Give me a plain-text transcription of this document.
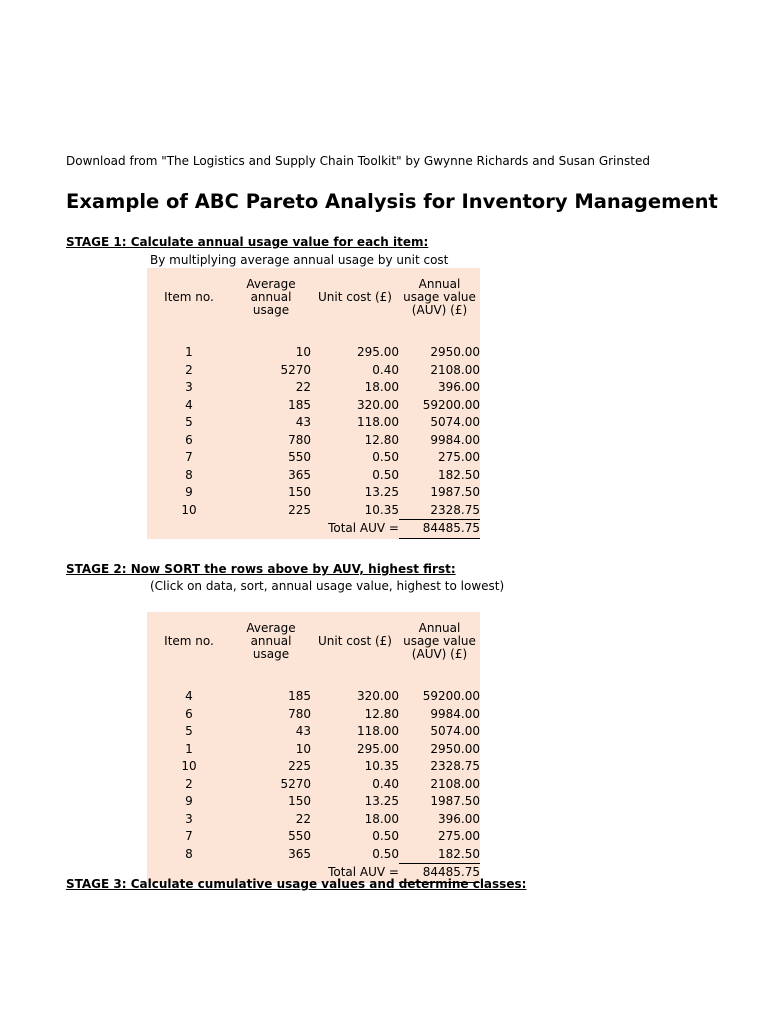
Download from "The Logistics and Supply Chain Toolkit" by Gwynne Richards and Susan Grinsted
Example of ABC Pareto Analysis for Inventory Management
STAGE 1: Calculate annual usage value for each item:
By multiplying average annual usage by unit cost
Item no.	Average annual usage	Unit cost (£)	Annual usage value (AUV) (£)

1	10	295.00	2950.00
2	5270	0.40	2108.00
3	22	18.00	396.00
4	185	320.00	59200.00
5	43	118.00	5074.00
6	780	12.80	9984.00
7	550	0.50	275.00
8	365	0.50	182.50
9	150	13.25	1987.50
10	225	10.35	2328.75
		Total AUV =	84485.75
STAGE 2: Now SORT the rows above by AUV, highest first:
(Click on data, sort, annual usage value, highest to lowest)
Item no.	Average annual usage	Unit cost (£)	Annual usage value (AUV) (£)

4	185	320.00	59200.00
6	780	12.80	9984.00
5	43	118.00	5074.00
1	10	295.00	2950.00
10	225	10.35	2328.75
2	5270	0.40	2108.00
9	150	13.25	1987.50
3	22	18.00	396.00
7	550	0.50	275.00
8	365	0.50	182.50
		Total AUV =	84485.75
STAGE 3: Calculate cumulative usage values and determine classes:
